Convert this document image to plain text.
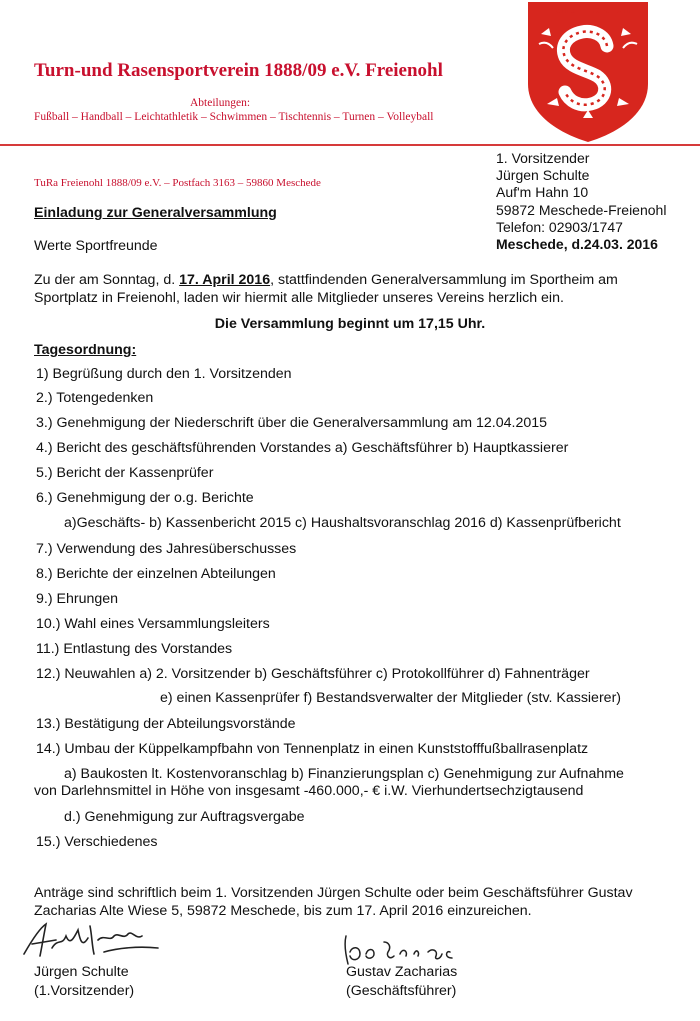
Turn-und Rasensportverein 1888/09 e.V. Freienohl
Abteilungen:
Fußball – Handball – Leichtathletik – Schwimmen – Tischtennis – Turnen – Volleyball
TuRa Freienohl 1888/09 e.V. – Postfach 3163 – 59860 Meschede
Freiheit Freienohl
1. Vorsitzender
Jürgen Schulte
Auf'm Hahn 10
59872 Meschede-Freienohl
Telefon: 02903/1747
Meschede, d.24.03. 2016
Einladung zur Generalversammlung
Werte Sportfreunde
Zu der am Sonntag, d. 17. April 2016, stattfindenden Generalversammlung im Sportheim am
Sportplatz in Freienohl, laden wir hiermit alle Mitglieder unseres Vereins herzlich ein.
Die Versammlung beginnt um 17,15 Uhr.
Tagesordnung:
1) Begrüßung durch den 1. Vorsitzenden
2.) Totengedenken
3.) Genehmigung der Niederschrift über die Generalversammlung am 12.04.2015
4.) Bericht des geschäftsführenden Vorstandes a) Geschäftsführer b) Hauptkassierer
5.) Bericht der Kassenprüfer
6.) Genehmigung der o.g. Berichte
a)Geschäfts- b) Kassenbericht 2015 c) Haushaltsvoranschlag 2016 d) Kassenprüfbericht
7.) Verwendung des Jahresüberschusses
8.) Berichte der einzelnen Abteilungen
9.) Ehrungen
10.) Wahl eines Versammlungsleiters
11.) Entlastung des Vorstandes
12.) Neuwahlen a) 2. Vorsitzender b) Geschäftsführer c) Protokollführer d) Fahnenträger
e) einen Kassenprüfer f) Bestandsverwalter der Mitglieder (stv. Kassierer)
13.) Bestätigung der Abteilungsvorstände
14.) Umbau der Küppelkampfbahn von Tennenplatz in einen Kunststofffußballrasenplatz
a) Baukosten lt. Kostenvoranschlag b) Finanzierungsplan c) Genehmigung zur Aufnahme
von Darlehnsmittel in Höhe von insgesamt -460.000,- € i.W. Vierhundertsechzigtausend
d.) Genehmigung zur Auftragsvergabe
15.) Verschiedenes
Anträge sind schriftlich beim 1. Vorsitzenden Jürgen Schulte oder beim Geschäftsführer Gustav
Zacharias Alte Wiese 5, 59872 Meschede, bis zum 17. April 2016 einzureichen.
Jürgen Schulte
(1.Vorsitzender)
Gustav Zacharias
(Geschäftsführer)
